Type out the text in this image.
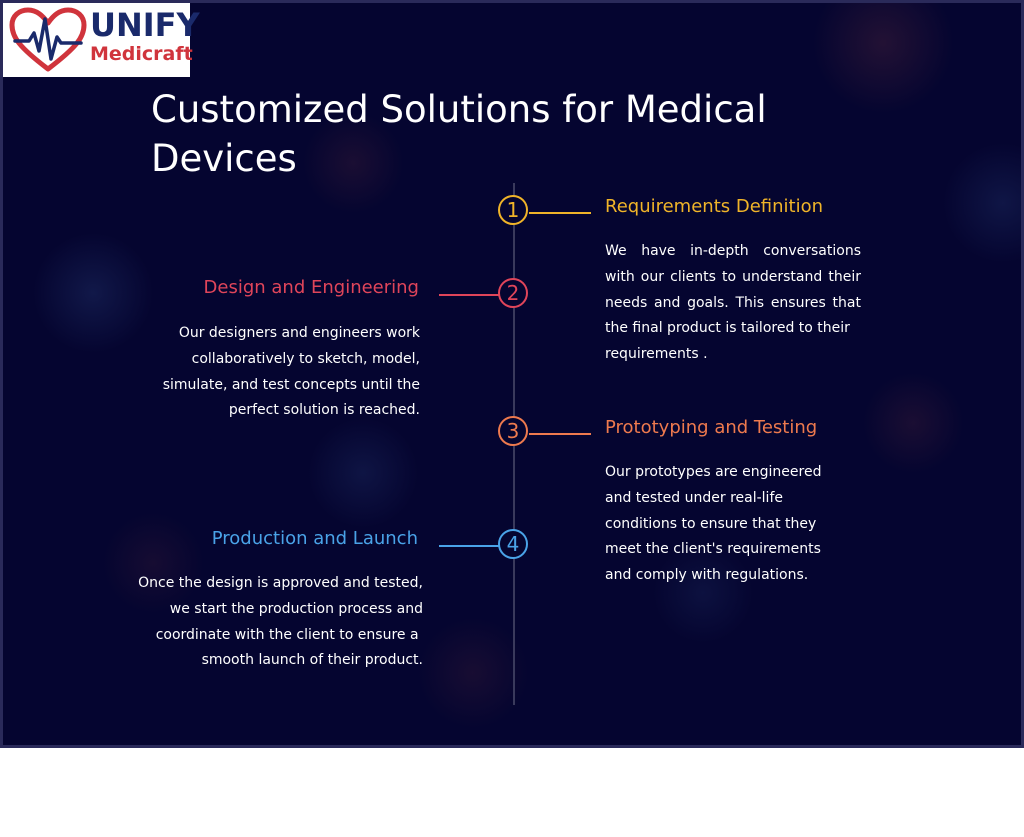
UNIFY
Medicraft
Customized Solutions for Medical Devices
1	Requirements Definition
We have in-depth conversations
with our clients to understand their
needs and goals. This ensures that
the final product is tailored to their
requirements .
2
Design and Engineering
Our designers and engineers work
collaboratively to sketch, model,
simulate, and test concepts until the
perfect solution is reached.
3	Prototyping and Testing
Our prototypes are engineered
and tested under real-life
conditions to ensure that they
meet the client's requirements
and comply with regulations.
4
Production and Launch
Once the design is approved and tested,
we start the production process and
coordinate with the client to ensure a
smooth launch of their product.
